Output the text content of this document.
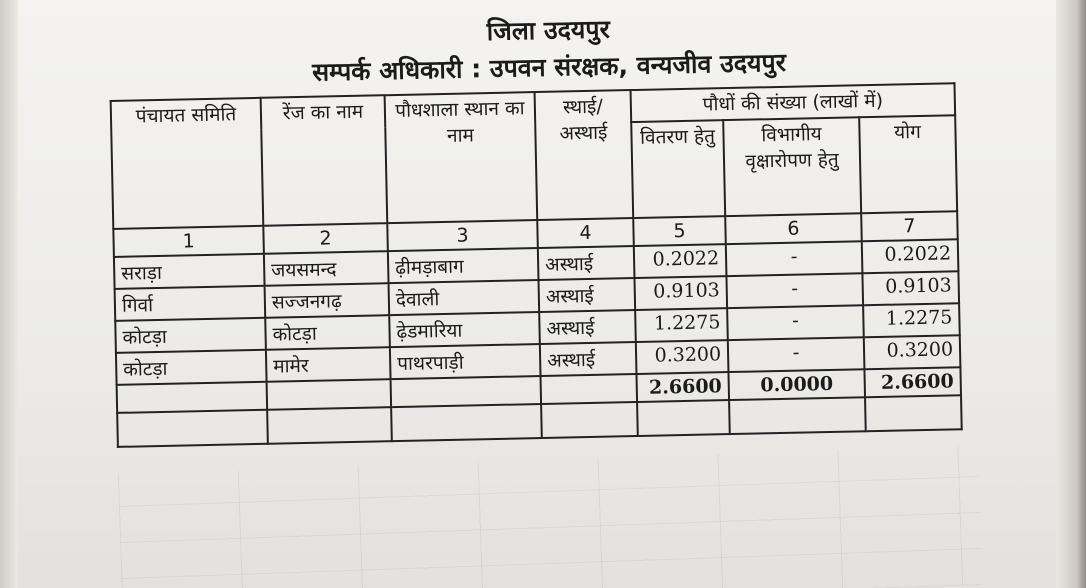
जिला उदयपुर

सम्पर्क अधिकारी : उपवन संरक्षक, वन्यजीव उदयपुर

पंचायत समिति	रेंज का नाम	पौधशाला स्थान का नाम	स्थाई/ अस्थाई	पौधों की संख्या (लाखों में)		
				वितरण हेतु	विभागीय वृक्षारोपण हेतु	योग
1	2	3	4	5	6	7
सराड़ा	जयसमन्द	ढ़ीमड़ाबाग	अस्थाई	0.2022	-	0.2022
गिर्वा	सज्जनगढ़	देवाली	अस्थाई	0.9103	-	0.9103
कोटड़ा	कोटड़ा	ढ़ेडमारिया	अस्थाई	1.2275	-	1.2275
कोटड़ा	मामेर	पाथरपाड़ी	अस्थाई	0.3200	-	0.3200
				2.6600	0.0000	2.6600
